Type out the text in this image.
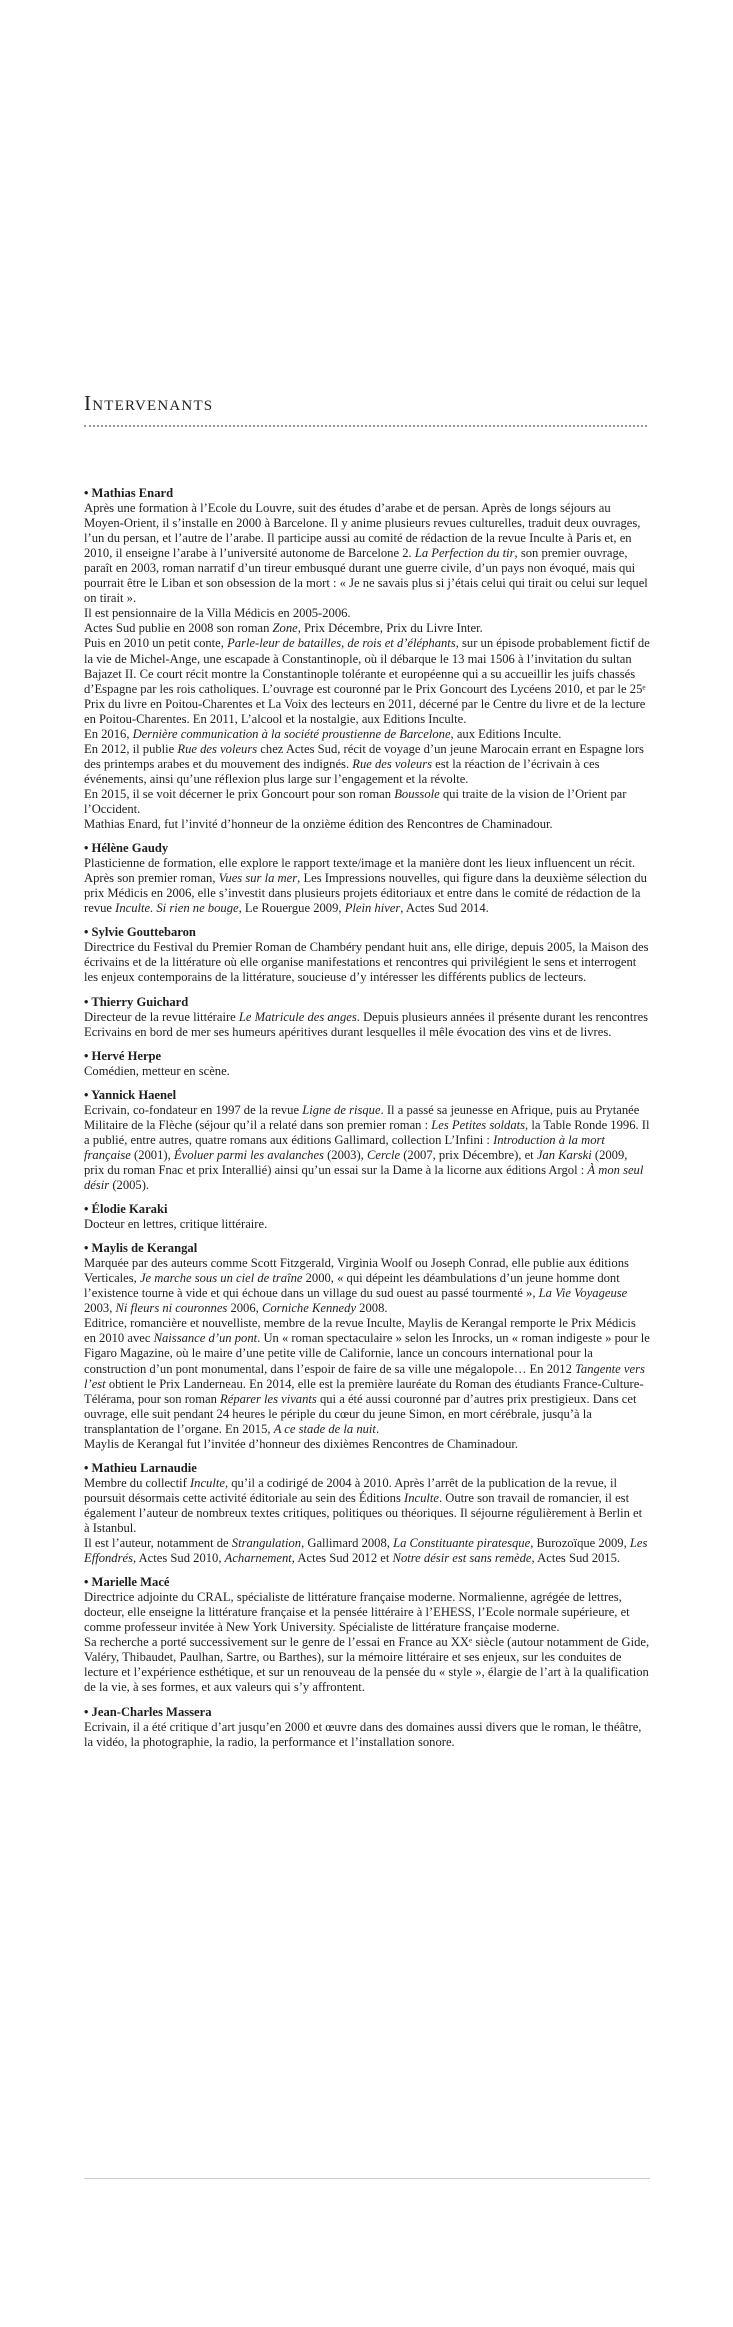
Intervenants
• Mathias Enard

Après une formation à l’Ecole du Louvre, suit des études d’arabe et de persan. Après de longs séjours au Moyen-Orient, il s’installe en 2000 à Barcelone. Il y anime plusieurs revues culturelles, traduit deux ouvrages, l’un du persan, et l’autre de l’arabe. Il participe aussi au comité de rédaction de la revue Inculte à Paris et, en 2010, il enseigne l’arabe à l’université autonome de Barcelone 2. La Perfection du tir, son premier ouvrage, paraît en 2003, roman narratif d’un tireur embusqué durant une guerre civile, d’un pays non évoqué, mais qui pourrait être le Liban et son obsession de la mort : « Je ne savais plus si j’étais celui qui tirait ou celui sur lequel on tirait ».

Il est pensionnaire de la Villa Médicis en 2005-2006.

Actes Sud publie en 2008 son roman Zone, Prix Décembre, Prix du Livre Inter.

Puis en 2010 un petit conte, Parle-leur de batailles, de rois et d’éléphants, sur un épisode probablement fictif de la vie de Michel-Ange, une escapade à Constantinople, où il débarque le 13 mai 1506 à l’invitation du sultan Bajazet II. Ce court récit montre la Constantinople tolérante et européenne qui a su accueillir les juifs chassés d’Espagne par les rois catholiques. L’ouvrage est couronné par le Prix Goncourt des Lycéens 2010, et par le 25ᵉ Prix du livre en Poitou-Charentes et La Voix des lecteurs en 2011, décerné par le Centre du livre et de la lecture en Poitou-Charentes. En 2011, L’alcool et la nostalgie, aux Editions Inculte.

En 2016, Dernière communication à la société proustienne de Barcelone, aux Editions Inculte.

En 2012, il publie Rue des voleurs chez Actes Sud, récit de voyage d’un jeune Marocain errant en Espagne lors des printemps arabes et du mouvement des indignés. Rue des voleurs est la réaction de l’écrivain à ces événements, ainsi qu’une réflexion plus large sur l’engagement et la révolte.

En 2015, il se voit décerner le prix Goncourt pour son roman Boussole qui traite de la vision de l’Orient par l’Occident.

Mathias Enard, fut l’invité d’honneur de la onzième édition des Rencontres de Chaminadour.

• Hélène Gaudy

Plasticienne de formation, elle explore le rapport texte/image et la manière dont les lieux influencent un récit. Après son premier roman, Vues sur la mer, Les Impressions nouvelles, qui figure dans la deuxième sélection du prix Médicis en 2006, elle s’investit dans plusieurs projets éditoriaux et entre dans le comité de rédaction de la revue Inculte. Si rien ne bouge, Le Rouergue 2009, Plein hiver, Actes Sud 2014.

• Sylvie Gouttebaron

Directrice du Festival du Premier Roman de Chambéry pendant huit ans, elle dirige, depuis 2005, la Maison des écrivains et de la littérature où elle organise manifestations et rencontres qui privilégient le sens et interrogent les enjeux contemporains de la littérature, soucieuse d’y intéresser les différents publics de lecteurs.

• Thierry Guichard

Directeur de la revue littéraire Le Matricule des anges. Depuis plusieurs années il présente durant les rencontres Ecrivains en bord de mer ses humeurs apéritives durant lesquelles il mêle évocation des vins et de livres.

• Hervé Herpe

Comédien, metteur en scène.

• Yannick Haenel

Ecrivain, co-fondateur en 1997 de la revue Ligne de risque. Il a passé sa jeunesse en Afrique, puis au Prytanée Militaire de la Flèche (séjour qu’il a relaté dans son premier roman : Les Petites soldats, la Table Ronde 1996. Il a publié, entre autres, quatre romans aux éditions Gallimard, collection L’Infini : Introduction à la mort française (2001), Évoluer parmi les avalanches (2003), Cercle (2007, prix Décembre), et Jan Karski (2009, prix du roman Fnac et prix Interallié) ainsi qu’un essai sur la Dame à la licorne aux éditions Argol : À mon seul désir (2005).

• Élodie Karaki

Docteur en lettres, critique littéraire.

• Maylis de Kerangal

Marquée par des auteurs comme Scott Fitzgerald, Virginia Woolf ou Joseph Conrad, elle publie aux éditions Verticales, Je marche sous un ciel de traîne 2000, « qui dépeint les déambulations d’un jeune homme dont l’existence tourne à vide et qui échoue dans un village du sud ouest au passé tourmenté », La Vie Voyageuse 2003, Ni fleurs ni couronnes 2006, Corniche Kennedy 2008.

Editrice, romancière et nouvelliste, membre de la revue Inculte, Maylis de Kerangal remporte le Prix Médicis en 2010 avec Naissance d’un pont. Un « roman spectaculaire » selon les Inrocks, un « roman indigeste » pour le Figaro Magazine, où le maire d’une petite ville de Californie, lance un concours international pour la construction d’un pont monumental, dans l’espoir de faire de sa ville une mégalopole… En 2012 Tangente vers l’est obtient le Prix Landerneau. En 2014, elle est la première lauréate du Roman des étudiants France-Culture-Télérama, pour son roman Réparer les vivants qui a été aussi couronné par d’autres prix prestigieux. Dans cet ouvrage, elle suit pendant 24 heures le périple du cœur du jeune Simon, en mort cérébrale, jusqu’à la transplantation de l’organe. En 2015, A ce stade de la nuit.

Maylis de Kerangal fut l’invitée d’honneur des dixièmes Rencontres de Chaminadour.

• Mathieu Larnaudie

Membre du collectif Inculte, qu’il a codirigé de 2004 à 2010. Après l’arrêt de la publication de la revue, il poursuit désormais cette activité éditoriale au sein des Éditions Inculte. Outre son travail de romancier, il est également l’auteur de nombreux textes critiques, politiques ou théoriques. Il séjourne régulièrement à Berlin et à Istanbul.

Il est l’auteur, notamment de Strangulation, Gallimard 2008, La Constituante piratesque, Burozoïque 2009, Les Effondrés, Actes Sud 2010, Acharnement, Actes Sud 2012 et Notre désir est sans remède, Actes Sud 2015.

• Marielle Macé

Directrice adjointe du CRAL, spécialiste de littérature française moderne. Normalienne, agrégée de lettres, docteur, elle enseigne la littérature française et la pensée littéraire à l’EHESS, l’Ecole normale supérieure, et comme professeur invitée à New York University. Spécialiste de littérature française moderne.

Sa recherche a porté successivement sur le genre de l’essai en France au XXᵉ siècle (autour notamment de Gide, Valéry, Thibaudet, Paulhan, Sartre, ou Barthes), sur la mémoire littéraire et ses enjeux, sur les conduites de lecture et l’expérience esthétique, et sur un renouveau de la pensée du « style », élargie de l’art à la qualification de la vie, à ses formes, et aux valeurs qui s’y affrontent.

• Jean-Charles Massera

Ecrivain, il a été critique d’art jusqu’en 2000 et œuvre dans des domaines aussi divers que le roman, le théâtre, la vidéo, la photographie, la radio, la performance et l’installation sonore.
